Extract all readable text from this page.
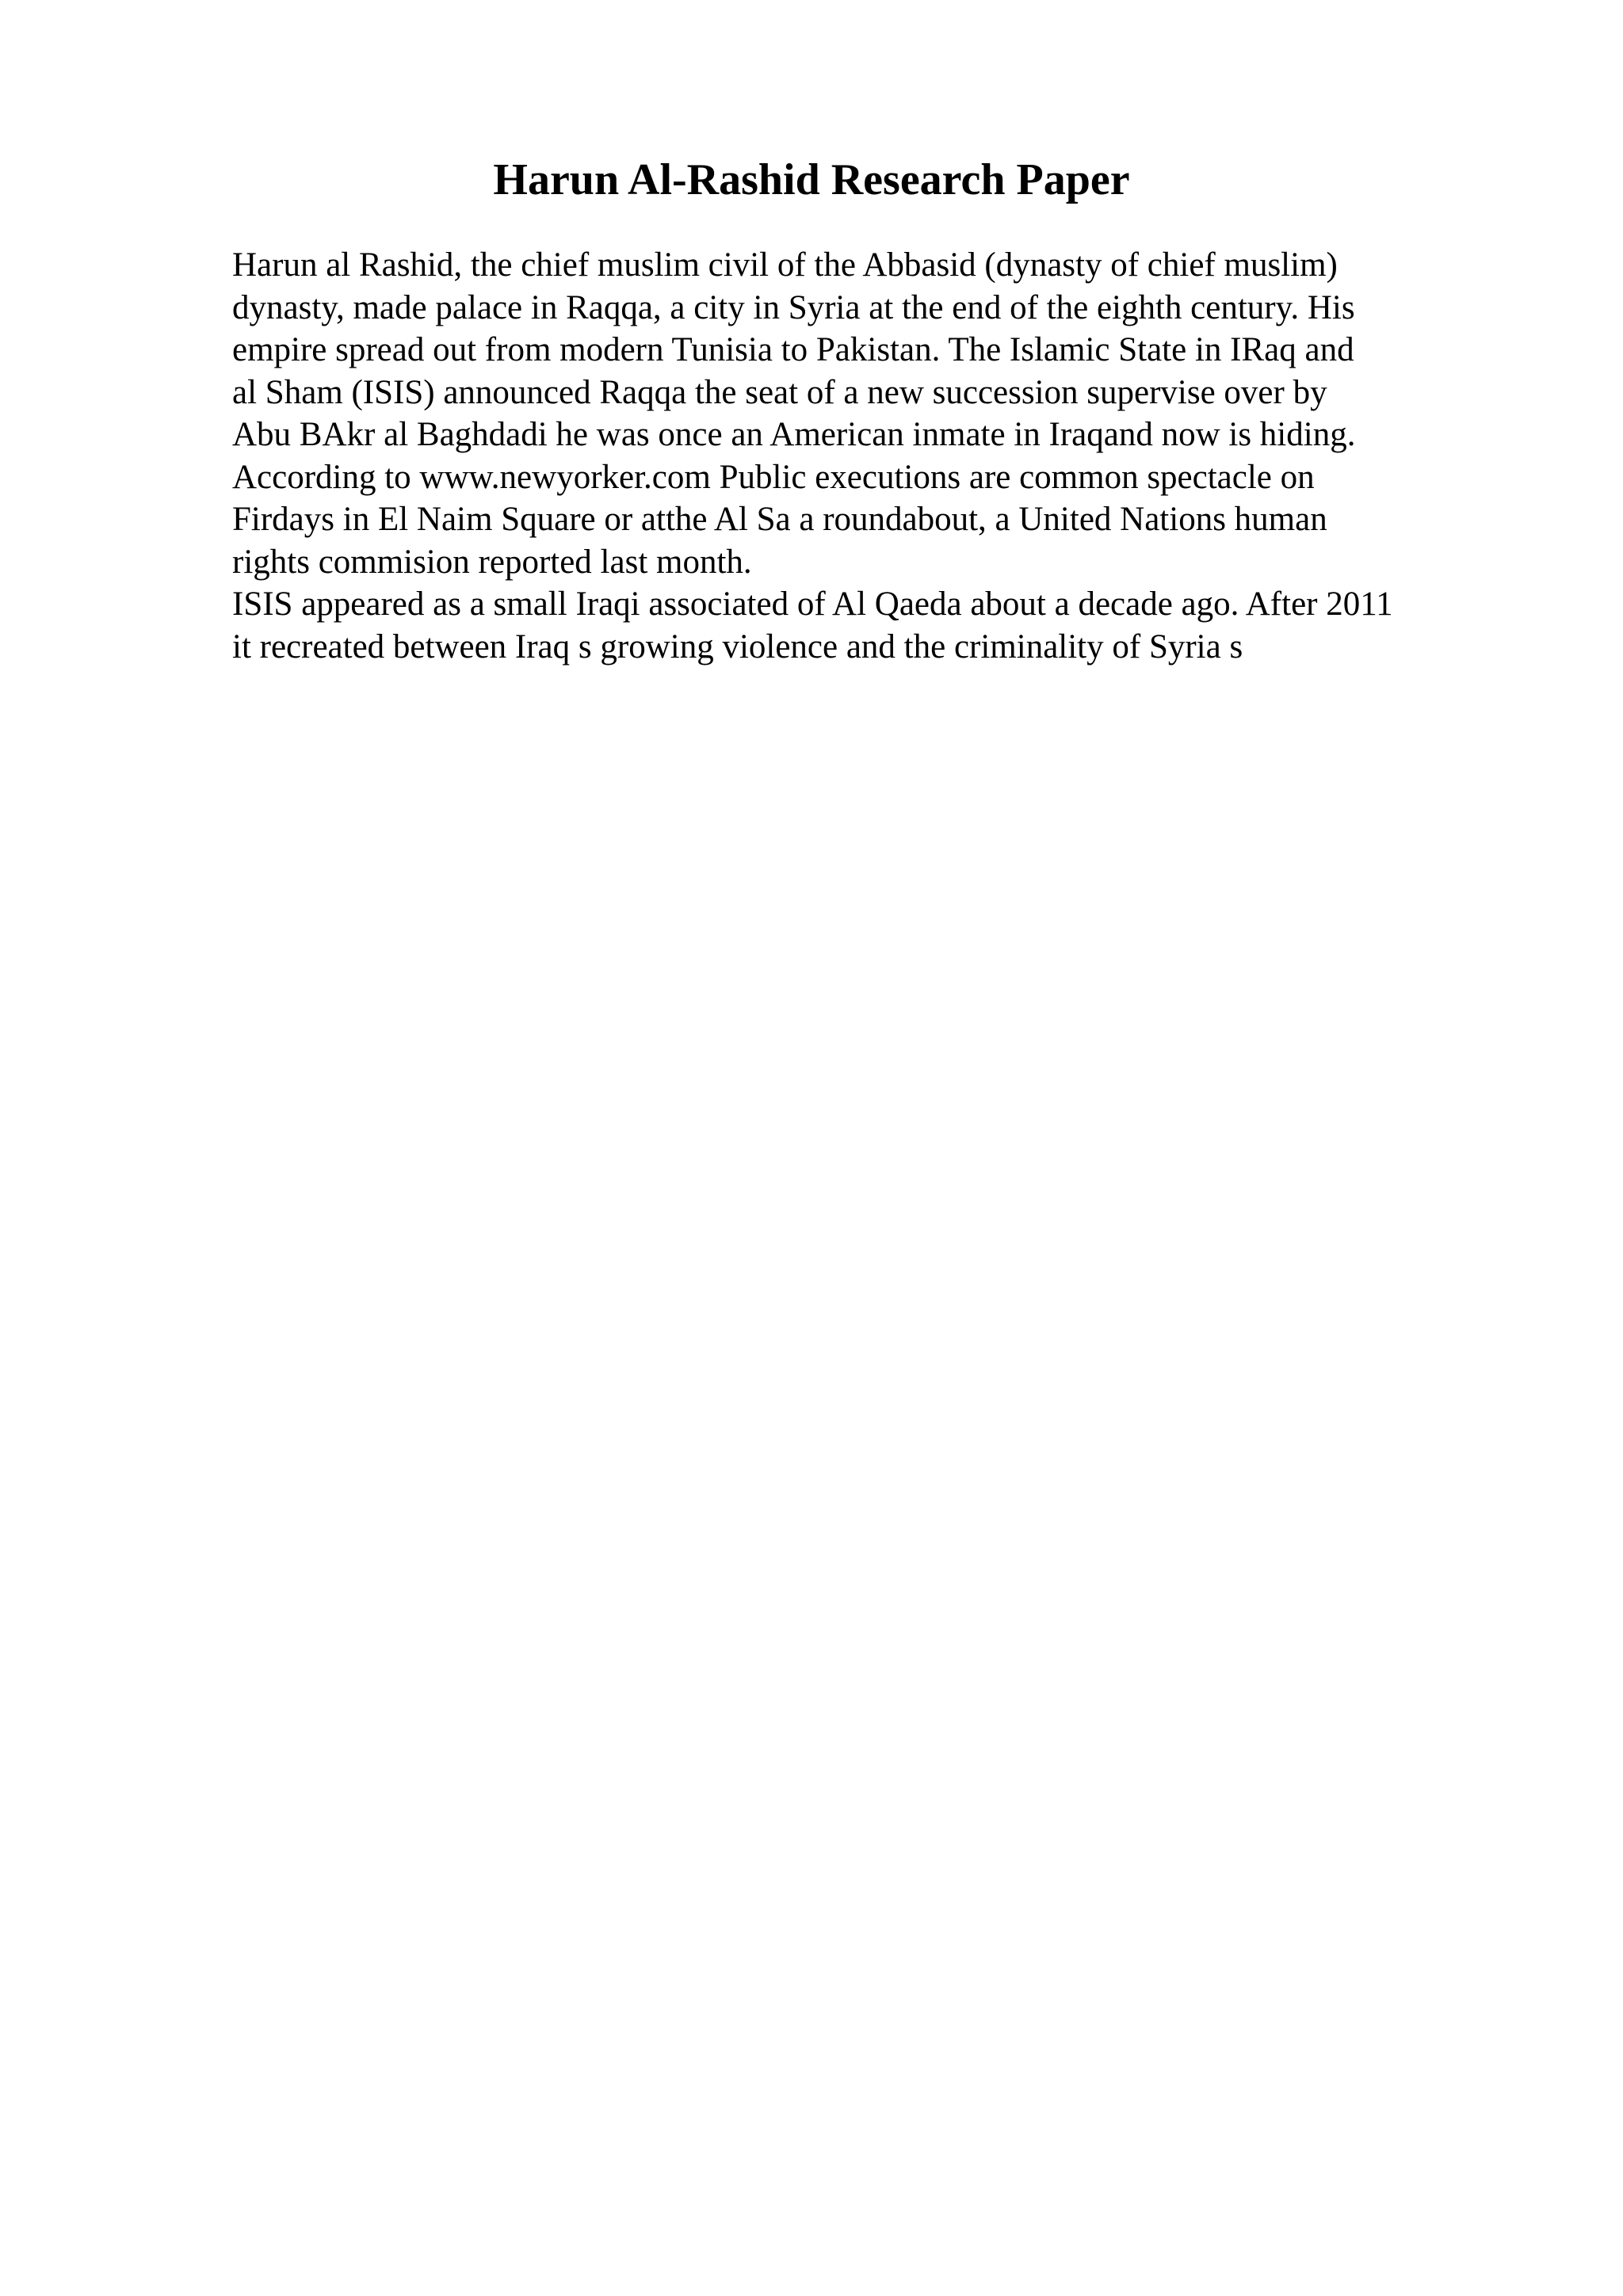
Harun Al-Rashid Research Paper
Harun al Rashid, the chief muslim civil of the Abbasid (dynasty of chief muslim)
dynasty, made palace in Raqqa, a city in Syria at the end of the eighth century. His
empire spread out from modern Tunisia to Pakistan. The Islamic State in IRaq and
al Sham (ISIS) announced Raqqa the seat of a new succession supervise over by
Abu BAkr al Baghdadi he was once an American inmate in Iraqand now is hiding.
According to www.newyorker.com Public executions are common spectacle on
Firdays in El Naim Square or atthe Al Sa a roundabout, a United Nations human
rights commision reported last month.
ISIS appeared as a small Iraqi associated of Al Qaeda about a decade ago. After 2011
it recreated between Iraq s growing violence and the criminality of Syria s
